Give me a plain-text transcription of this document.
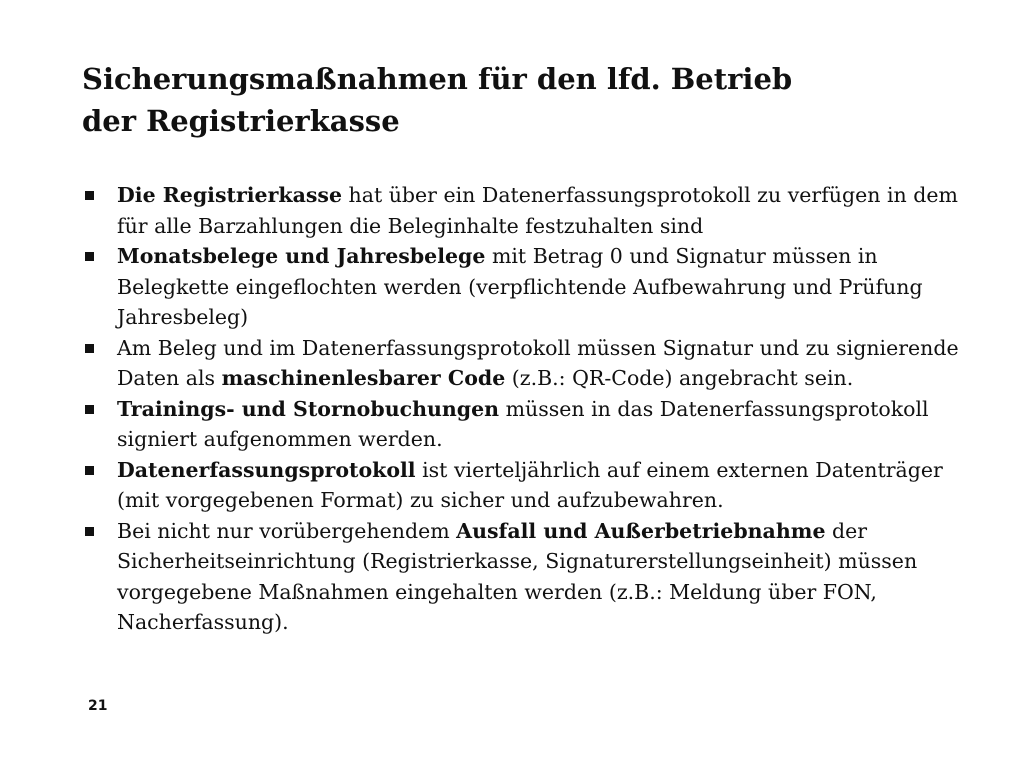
Sicherungsmaßnahmen für den lfd. Betrieb
der Registrierkasse
Die Registrierkasse hat über ein Datenerfassungsprotokoll zu verfügen in dem für alle Barzahlungen die Beleginhalte festzuhalten sind
Monatsbelege und Jahresbelege mit Betrag 0 und Signatur müssen in Belegkette eingeflochten werden (verpflichtende Aufbewahrung und Prüfung Jahresbeleg)
Am Beleg und im Datenerfassungsprotokoll müssen Signatur und zu signierende Daten als maschinenlesbarer Code (z.B.: QR-Code) angebracht sein.
Trainings- und Stornobuchungen müssen in das Datenerfassungsprotokoll signiert aufgenommen werden.
Datenerfassungsprotokoll ist vierteljährlich auf einem externen Datenträger (mit vorgegebenen Format) zu sicher und aufzubewahren.
Bei nicht nur vorübergehendem Ausfall und Außerbetriebnahme der Sicherheitseinrichtung (Registrierkasse, Signaturerstellungseinheit) müssen vorgegebene Maßnahmen eingehalten werden (z.B.: Meldung über FON, Nacherfassung).
21
